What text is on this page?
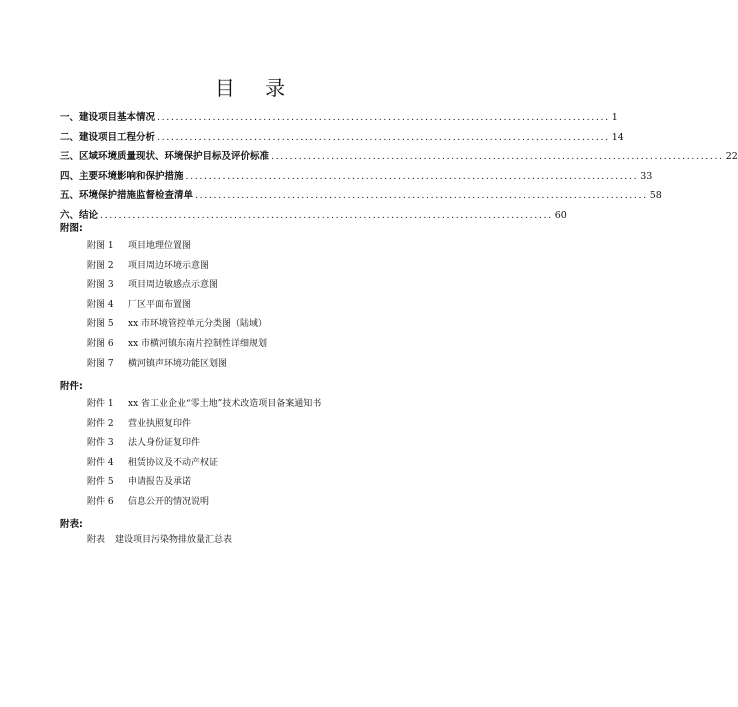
目 录
一、建设项目基本情况 .................................................................................................. 1
二、建设项目工程分析 .................................................................................................. 14
三、区域环境质量现状、环境保护目标及评价标准 .................................................................................................. 22
四、主要环境影响和保护措施 .................................................................................................. 33
五、环境保护措施监督检查清单 .................................................................................................. 58
六、结论 .................................................................................................. 60
附图:
附图 1	项目地理位置图
附图 2	项目周边环境示意图
附图 3	项目周边敏感点示意图
附图 4	厂区平面布置图
附图 5	xx 市环境管控单元分类图（陆域）
附图 6	xx 市横河镇东南片控制性详细规划
附图 7	横河镇声环境功能区划图
附件:
附件 1	xx 省工业企业“零土地”技术改造项目备案通知书
附件 2	营业执照复印件
附件 3	法人身份证复印件
附件 4	租赁协议及不动产权证
附件 5	申请报告及承诺
附件 6	信息公开的情况说明
附表:
附表	建设项目污染物排放量汇总表
